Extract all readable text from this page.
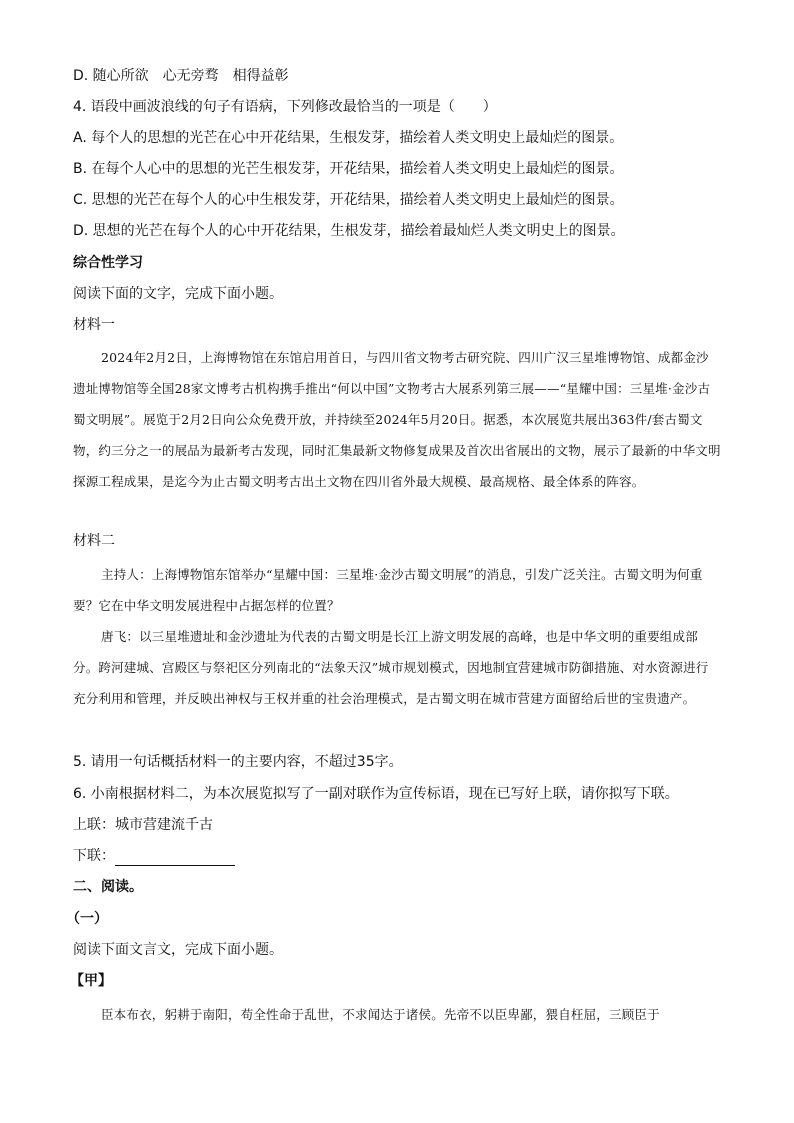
D. 随心所欲　心无旁骛　相得益彰
4. 语段中画波浪线的句子有语病，下列修改最恰当的一项是（　　）
A. 每个人的思想的光芒在心中开花结果，生根发芽，描绘着人类文明史上最灿烂的图景。
B. 在每个人心中的思想的光芒生根发芽，开花结果，描绘着人类文明史上最灿烂的图景。
C. 思想的光芒在每个人的心中生根发芽，开花结果，描绘着人类文明史上最灿烂的图景。
D. 思想的光芒在每个人的心中开花结果，生根发芽，描绘着最灿烂人类文明史上的图景。
综合性学习
阅读下面的文字，完成下面小题。
材料一

2024年2月2日，上海博物馆在东馆启用首日，与四川省文物考古研究院、四川广汉三星堆博物馆、成都金沙遗址博物馆等全国28家文博考古机构携手推出“何以中国”文物考古大展系列第三展——“星耀中国：三星堆·金沙古蜀文明展”。展览于2月2日向公众免费开放，并持续至2024年5月20日。据悉，本次展览共展出363件/套古蜀文物，约三分之一的展品为最新考古发现，同时汇集最新文物修复成果及首次出省展出的文物，展示了最新的中华文明探源工程成果，是迄今为止古蜀文明考古出土文物在四川省外最大规模、最高规格、最全体系的阵容。

材料二

主持人：上海博物馆东馆举办“星耀中国：三星堆·金沙古蜀文明展”的消息，引发广泛关注。古蜀文明为何重要？它在中华文明发展进程中占据怎样的位置？

唐飞：以三星堆遗址和金沙遗址为代表的古蜀文明是长江上游文明发展的高峰，也是中华文明的重要组成部分。跨河建城、宫殿区与祭祀区分列南北的“法象天汉”城市规划模式，因地制宜营建城市防御措施、对水资源进行充分利用和管理，并反映出神权与王权并重的社会治理模式，是古蜀文明在城市营建方面留给后世的宝贵遗产。

5. 请用一句话概括材料一的主要内容，不超过35字。
6. 小南根据材料二，为本次展览拟写了一副对联作为宣传标语，现在已写好上联，请你拟写下联。
上联：城市营建流千古
下联：
二、阅读。
（一）
阅读下面文言文，完成下面小题。
【甲】

臣本布衣，躬耕于南阳，苟全性命于乱世，不求闻达于诸侯。先帝不以臣卑鄙，猥自枉屈，三顾臣于
